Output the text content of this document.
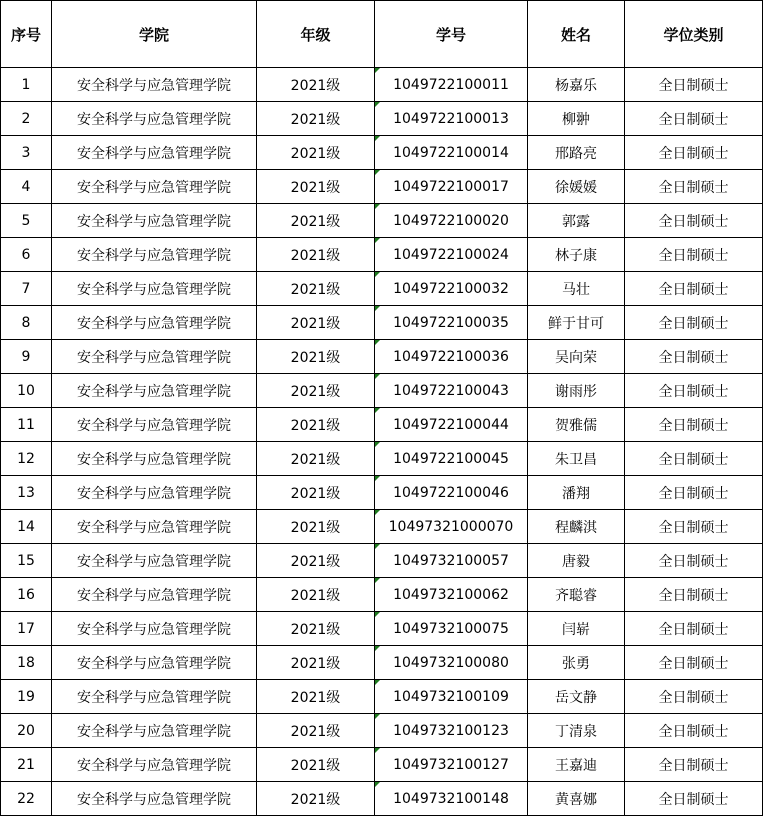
序号	学院	年级	学号	姓名	学位类别
1	安全科学与应急管理学院	2021级	1049722100011	杨嘉乐	全日制硕士
2	安全科学与应急管理学院	2021级	1049722100013	柳翀	全日制硕士
3	安全科学与应急管理学院	2021级	1049722100014	邢路亮	全日制硕士
4	安全科学与应急管理学院	2021级	1049722100017	徐媛媛	全日制硕士
5	安全科学与应急管理学院	2021级	1049722100020	郭露	全日制硕士
6	安全科学与应急管理学院	2021级	1049722100024	林子康	全日制硕士
7	安全科学与应急管理学院	2021级	1049722100032	马壮	全日制硕士
8	安全科学与应急管理学院	2021级	1049722100035	鲜于甘可	全日制硕士
9	安全科学与应急管理学院	2021级	1049722100036	吴向荣	全日制硕士
10	安全科学与应急管理学院	2021级	1049722100043	谢雨彤	全日制硕士
11	安全科学与应急管理学院	2021级	1049722100044	贺雅儒	全日制硕士
12	安全科学与应急管理学院	2021级	1049722100045	朱卫昌	全日制硕士
13	安全科学与应急管理学院	2021级	1049722100046	潘翔	全日制硕士
14	安全科学与应急管理学院	2021级	10497321000070	程麟淇	全日制硕士
15	安全科学与应急管理学院	2021级	1049732100057	唐毅	全日制硕士
16	安全科学与应急管理学院	2021级	1049732100062	齐聪睿	全日制硕士
17	安全科学与应急管理学院	2021级	1049732100075	闫崭	全日制硕士
18	安全科学与应急管理学院	2021级	1049732100080	张勇	全日制硕士
19	安全科学与应急管理学院	2021级	1049732100109	岳文静	全日制硕士
20	安全科学与应急管理学院	2021级	1049732100123	丁清泉	全日制硕士
21	安全科学与应急管理学院	2021级	1049732100127	王嘉迪	全日制硕士
22	安全科学与应急管理学院	2021级	1049732100148	黄喜娜	全日制硕士
